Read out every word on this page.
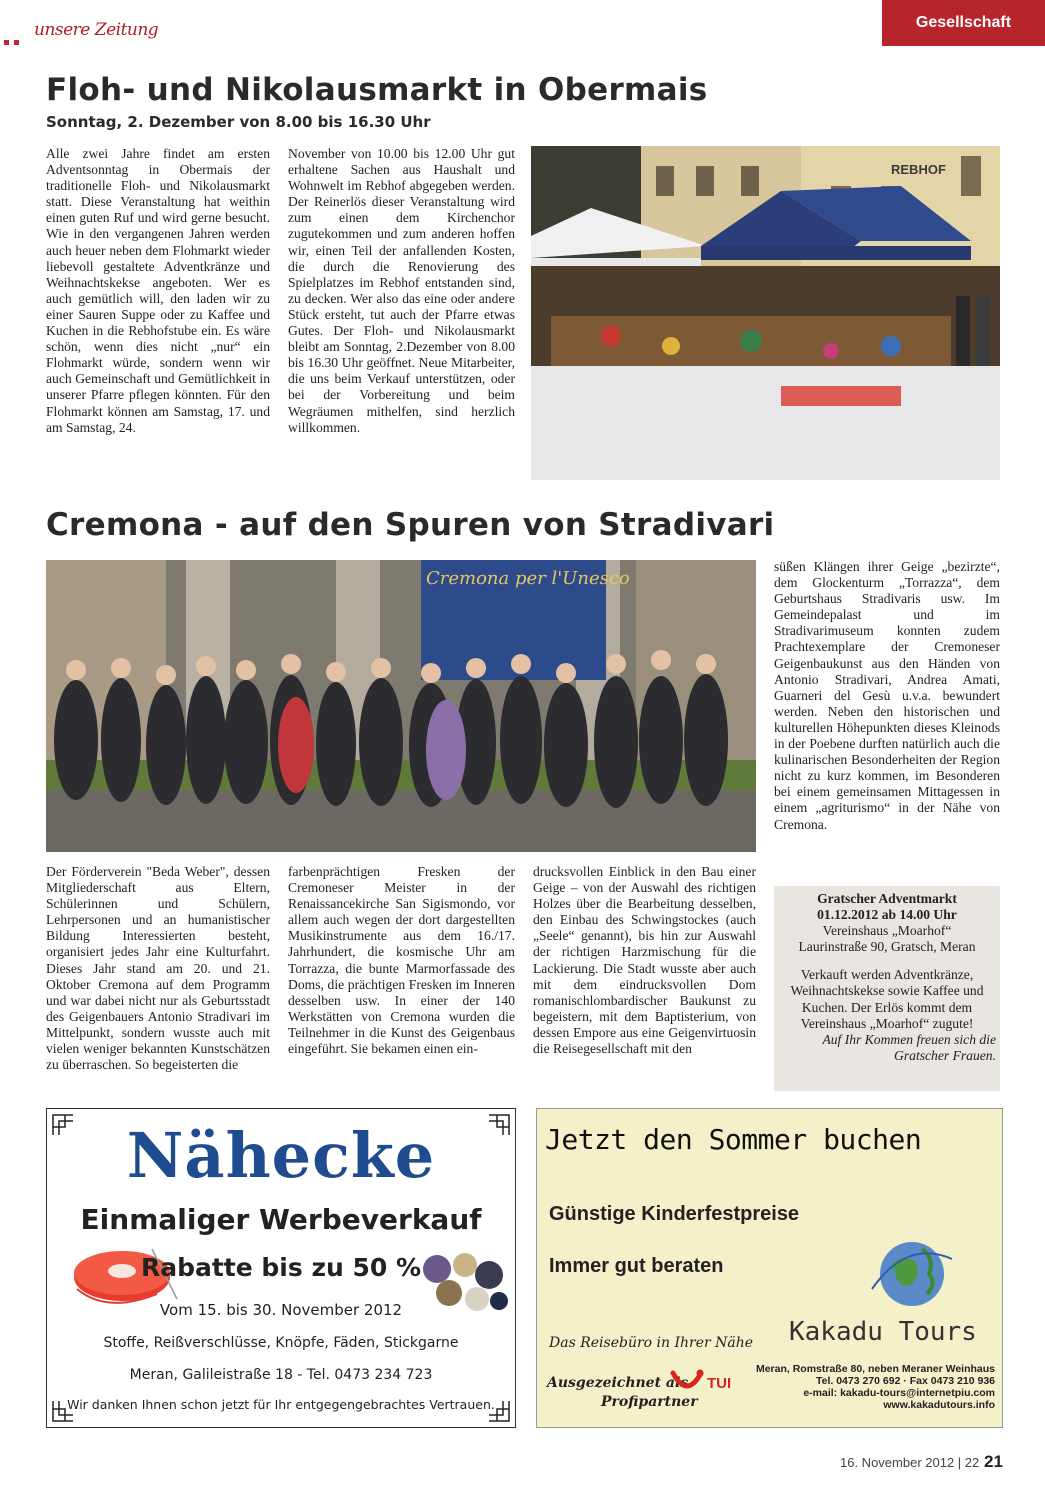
unsere Zeitung	Gesellschaft
Floh- und Nikolausmarkt in Obermais
Sonntag, 2. Dezember von 8.00 bis 16.30 Uhr

Alle zwei Jahre findet am ersten Adventsonntag in Obermais der traditionelle Floh- und Nikolausmarkt statt. Diese Veranstaltung hat weithin einen guten Ruf und wird gerne besucht. Wie in den vergangenen Jahren werden auch heuer neben dem Flohmarkt wieder liebevoll gestaltete Adventkränze und Weihnachtskekse angeboten. Wer es auch gemütlich will, den laden wir zu einer Sauren Suppe oder zu Kaffee und Kuchen in die Rebhofstube ein. Es wäre schön, wenn dies nicht „nur“ ein Flohmarkt würde, sondern wenn wir auch Gemeinschaft und Gemütlichkeit in unserer Pfarre pflegen könnten. Für den Flohmarkt können am Samstag, 17. und am Samstag, 24.

November von 10.00 bis 12.00 Uhr gut erhaltene Sachen aus Haushalt und Wohnwelt im Rebhof abgegeben werden. Der Reinerlös dieser Veranstaltung wird zum einen dem Kirchenchor zugutekommen und zum anderen hoffen wir, einen Teil der anfallenden Kosten, die durch die Renovierung des Spielplatzes im Rebhof entstanden sind, zu decken. Wer also das eine oder andere Stück ersteht, tut auch der Pfarre etwas Gutes. Der Floh- und Nikolausmarkt bleibt am Sonntag, 2.Dezember von 8.00 bis 16.30 Uhr geöffnet. Neue Mitarbeiter, die uns beim Verkauf unterstützen, oder bei der Vorbereitung und beim Wegräumen mithelfen, sind herzlich willkommen.

REBHOF
Cremona - auf den Spuren von Stradivari
Cremona per l'Unesco

Der Förderverein "Beda Weber", dessen Mitgliederschaft aus Eltern, Schülerinnen und Schülern, Lehrpersonen und an humanistischer Bildung Interessierten besteht, organisiert jedes Jahr eine Kulturfahrt. Dieses Jahr stand am 20. und 21. Oktober Cremona auf dem Programm und war dabei nicht nur als Geburtsstadt des Geigenbauers Antonio Stradivari im Mittelpunkt, sondern wusste auch mit vielen weniger bekannten Kunstschätzen zu überraschen. So begeisterten die

farbenprächtigen Fresken der Cremoneser Meister in der Renaissancekirche San Sigismondo, vor allem auch wegen der dort dargestellten Musikinstrumente aus dem 16./17. Jahrhundert, die kosmische Uhr am Torrazza, die bunte Marmorfassade des Doms, die prächtigen Fresken im Inneren desselben usw. In einer der 140 Werkstätten von Cremona wurden die Teilnehmer in die Kunst des Geigenbaus eingeführt. Sie bekamen einen ein-

drucksvollen Einblick in den Bau einer Geige – von der Auswahl des richtigen Holzes über die Bearbeitung desselben, den Einbau des Schwingstockes (auch „Seele“ genannt), bis hin zur Auswahl der richtigen Harzmischung für die Lackierung. Die Stadt wusste aber auch mit dem eindrucksvollen Dom romanischlombardischer Baukunst zu begeistern, mit dem Baptisterium, von dessen Empore aus eine Geigenvirtuosin die Reisegesellschaft mit den

süßen Klängen ihrer Geige „bezirzte“, dem Glockenturm „Torrazza“, dem Geburtshaus Stradivaris usw. Im Gemeindepalast und im Stradivarimuseum konnten zudem Prachtexemplare der Cremoneser Geigenbaukunst aus den Händen von Antonio Stradivari, Andrea Amati, Guarneri del Gesù u.v.a. bewundert werden. Neben den historischen und kulturellen Höhepunkten dieses Kleinods in der Poebene durften natürlich auch die kulinarischen Besonderheiten der Region nicht zu kurz kommen, im Besonderen bei einem gemeinsamen Mittagessen in einem „agriturismo“ in der Nähe von Cremona.

Gratscher Adventmarkt
01.12.2012 ab 14.00 Uhr
Vereinshaus „Moarhof“
Laurinstraße 90, Gratsch, Meran
Verkauft werden Adventkränze, Weihnachtskekse sowie Kaffee und Kuchen. Der Erlös kommt dem Vereinshaus „Moarhof“ zugute!
Auf Ihr Kommen freuen sich die
Gratscher Frauen.
Nähecke
Einmaliger Werbeverkauf
Rabatte bis zu 50 %
Vom 15. bis 30. November 2012
Stoffe, Reißverschlüsse, Knöpfe, Fäden, Stickgarne
Meran, Galileistraße 18 - Tel. 0473 234 723
Wir danken Ihnen schon jetzt für Ihr entgegengebrachtes Vertrauen.
Jetzt den Sommer buchen
Günstige Kinderfestpreise
Immer gut beraten
Das Reisebüro in Ihrer Nähe Kakadu Tours
Ausgezeichnet als
Profipartner
TUI
Meran, Romstraße 80, neben Meraner Weinhaus
Tel. 0473 270 692 · Fax 0473 210 936
e-mail: kakadu-tours@internetpiu.com
www.kakadutours.info
16. November 2012 | 22 21
